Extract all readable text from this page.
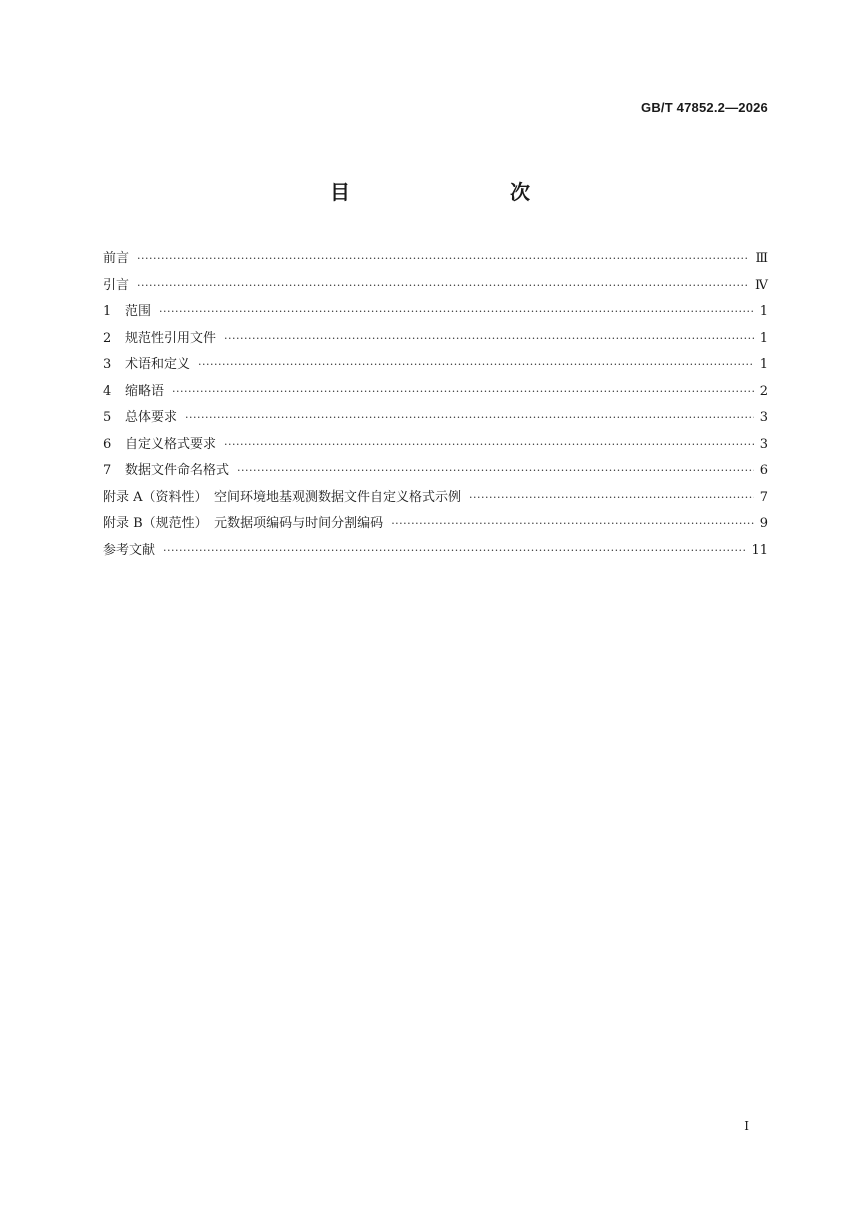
GB/T 47852.2—2026
目　　次
前言 ·····	Ⅲ
引言 ·····	Ⅳ
1	范围 ·····	1
2	规范性引用文件 ·····	1
3	术语和定义 ·····	1
4	缩略语 ·····	2
5	总体要求 ·····	3
6	自定义格式要求 ·····	3
7	数据文件命名格式 ·····	6
附录 A（资料性）　空间环境地基观测数据文件自定义格式示例 ·····	7
附录 B（规范性）　元数据项编码与时间分割编码 ·····	9
参考文献 ·····	11
Ⅰ
